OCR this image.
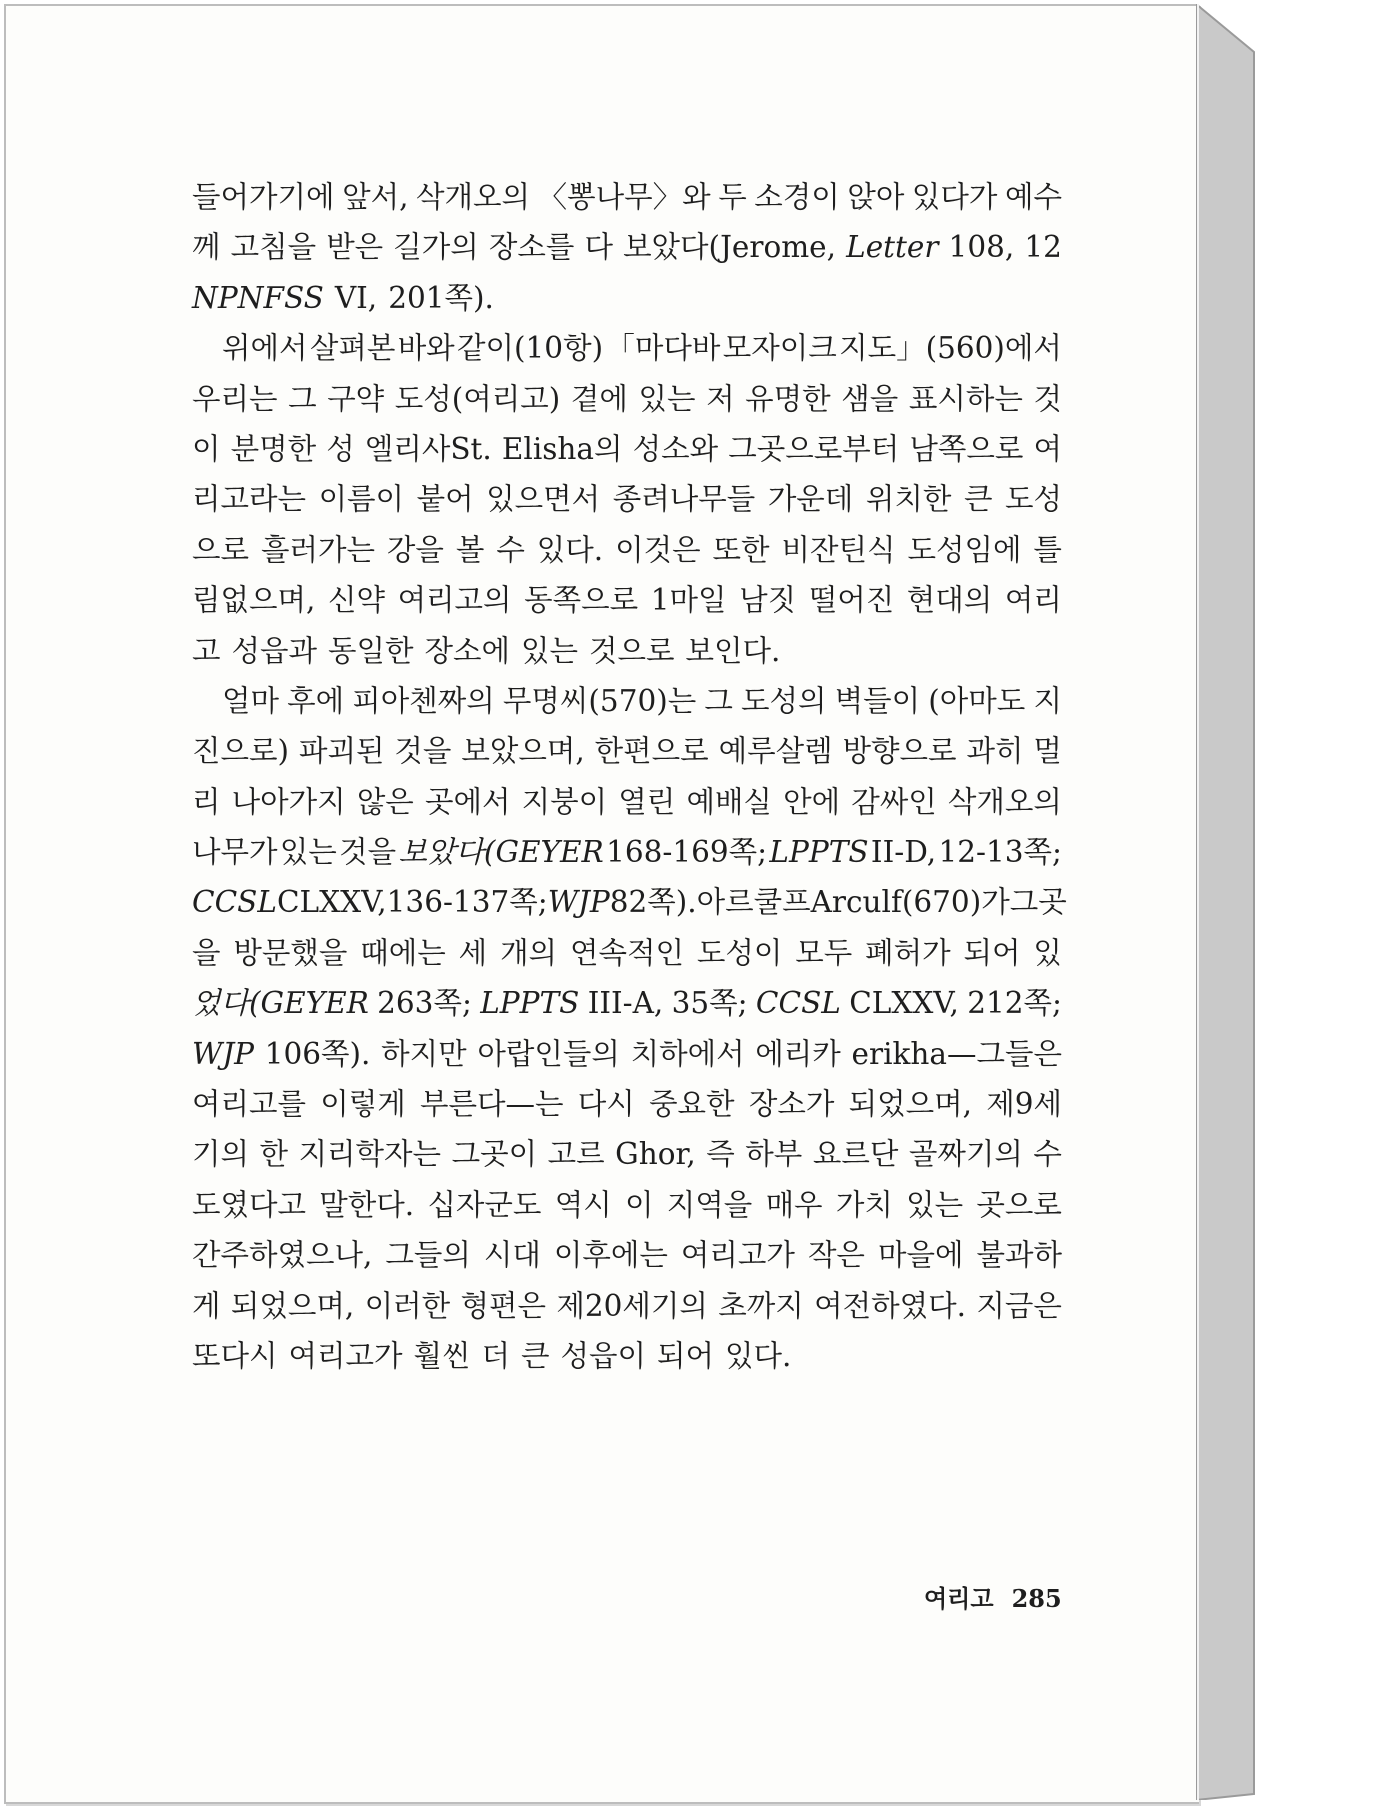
들어가기에 앞서, 삭개오의 〈뽕나무〉와 두 소경이 앉아 있다가 예수
께 고침을 받은 길가의 장소를 다 보았다(Jerome, Letter 108, 12
NPNFSS VI, 201쪽).
위에서 살펴본 바와 같이(10항) 「마다바 모자이크 지도」(560)에서
우리는 그 구약 도성(여리고) 곁에 있는 저 유명한 샘을 표시하는 것
이 분명한 성 엘리사St. Elisha의 성소와 그곳으로부터 남쪽으로 여
리고라는 이름이 붙어 있으면서 종려나무들 가운데 위치한 큰 도성
으로 흘러가는 강을 볼 수 있다. 이것은 또한 비잔틴식 도성임에 틀
림없으며, 신약 여리고의 동쪽으로 1마일 남짓 떨어진 현대의 여리
고 성읍과 동일한 장소에 있는 것으로 보인다.
얼마 후에 피아첸짜의 무명씨(570)는 그 도성의 벽들이 (아마도 지
진으로) 파괴된 것을 보았으며, 한편으로 예루살렘 방향으로 과히 멀
리 나아가지 않은 곳에서 지붕이 열린 예배실 안에 감싸인 삭개오의
나무가 있는 것을 보았다(GEYER 168-169쪽; LPPTS II-D, 12-13쪽;
CCSL CLXXV, 136-137쪽; WJP 82쪽). 아르쿨프 Arculf(670)가 그곳
을 방문했을 때에는 세 개의 연속적인 도성이 모두 폐허가 되어 있
었다(GEYER 263쪽; LPPTS III-A, 35쪽; CCSL CLXXV, 212쪽;
WJP 106쪽). 하지만 아랍인들의 치하에서 에리카 erikha—그들은
여리고를 이렇게 부른다—는 다시 중요한 장소가 되었으며, 제9세
기의 한 지리학자는 그곳이 고르 Ghor, 즉 하부 요르단 골짜기의 수
도였다고 말한다. 십자군도 역시 이 지역을 매우 가치 있는 곳으로
간주하였으나, 그들의 시대 이후에는 여리고가 작은 마을에 불과하
게 되었으며, 이러한 형편은 제20세기의 초까지 여전하였다. 지금은
또다시 여리고가 훨씬 더 큰 성읍이 되어 있다.
여리고 285
